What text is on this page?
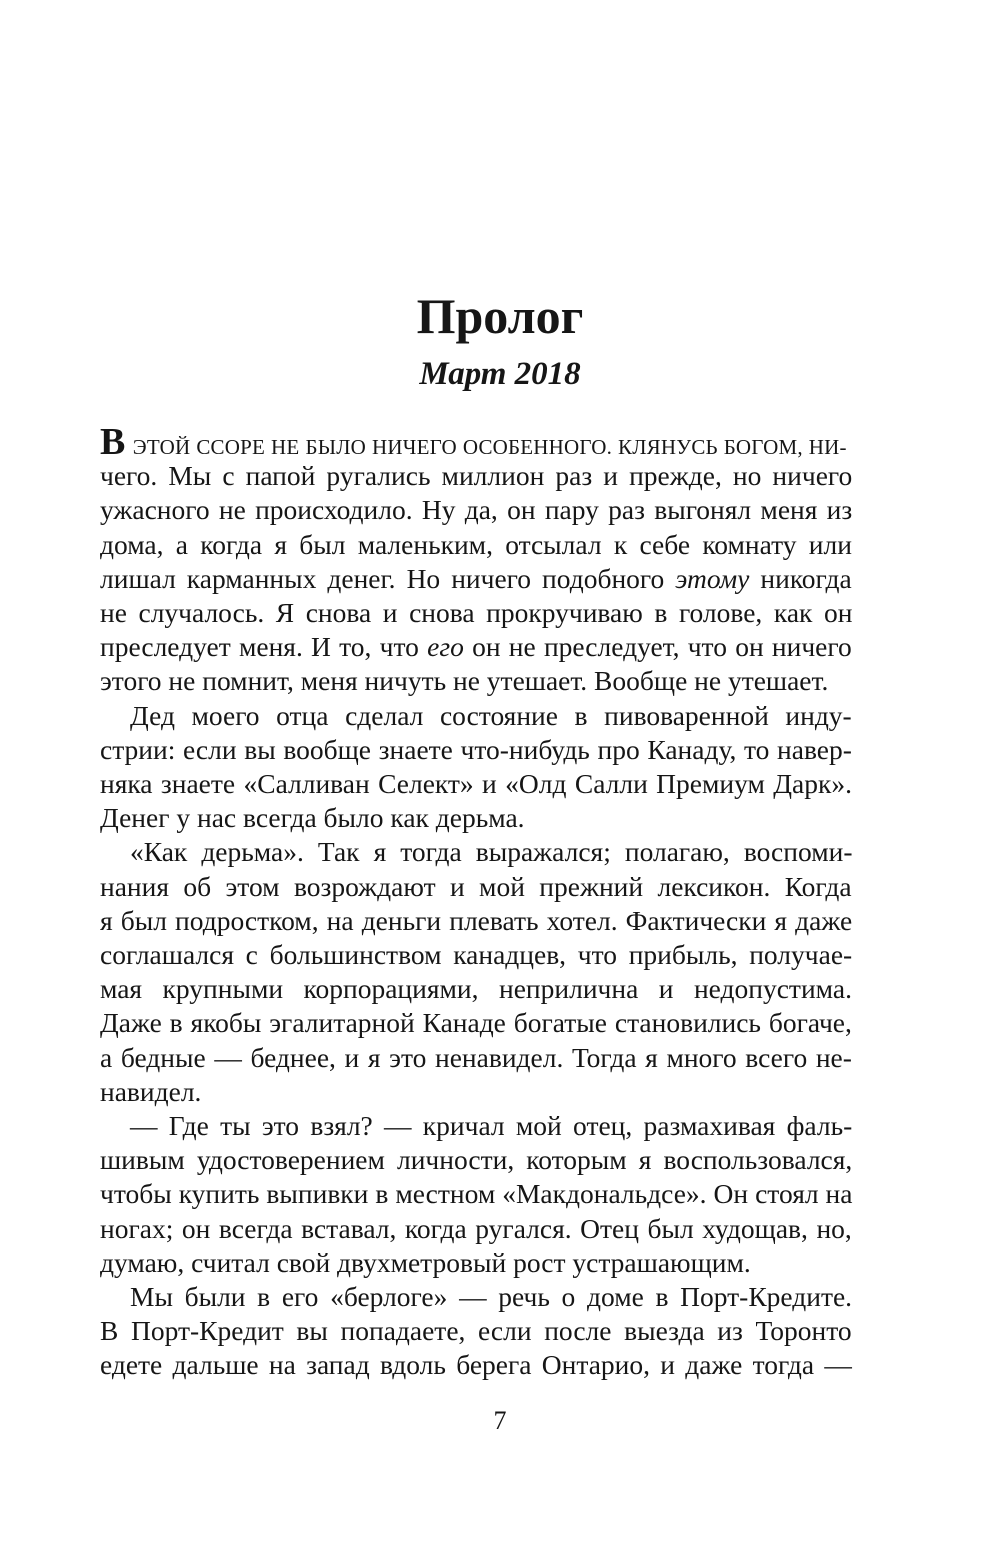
Пролог
Март 2018
В ЭТОЙ ССОРЕ НЕ БЫЛО НИЧЕГО ОСОБЕННОГО. КЛЯНУСЬ БОГОМ, НИ-
чего. Мы с папой ругались миллион раз и прежде, но ничего
ужасного не происходило. Ну да, он пару раз выгонял меня из
дома, а когда я был маленьким, отсылал к себе комнату или
лишал карманных денег. Но ничего подобного этому никогда
не случалось. Я снова и снова прокручиваю в голове, как он
преследует меня. И то, что его он не преследует, что он ничего
этого не помнит, меня ничуть не утешает. Вообще не утешает.
Дед моего отца сделал состояние в пивоваренной инду-
стрии: если вы вообще знаете что-нибудь про Канаду, то навер-
няка знаете «Салливан Селект» и «Олд Салли Премиум Дарк».
Денег у нас всегда было как дерьма.
«Как дерьма». Так я тогда выражался; полагаю, воспоми-
нания об этом возрождают и мой прежний лексикон. Когда
я был подростком, на деньги плевать хотел. Фактически я даже
соглашался с большинством канадцев, что прибыль, получае-
мая крупными корпорациями, неприлична и недопустима.
Даже в якобы эгалитарной Канаде богатые становились богаче,
а бедные — беднее, и я это ненавидел. Тогда я много всего не-
навидел.
— Где ты это взял? — кричал мой отец, размахивая фаль-
шивым удостоверением личности, которым я воспользовался,
чтобы купить выпивки в местном «Макдональдсе». Он стоял на
ногах; он всегда вставал, когда ругался. Отец был худощав, но,
думаю, считал свой двухметровый рост устрашающим.
Мы были в его «берлоге» — речь о доме в Порт-Кредите.
В Порт-Кредит вы попадаете, если после выезда из Торонто
едете дальше на запад вдоль берега Онтарио, и даже тогда —
7
